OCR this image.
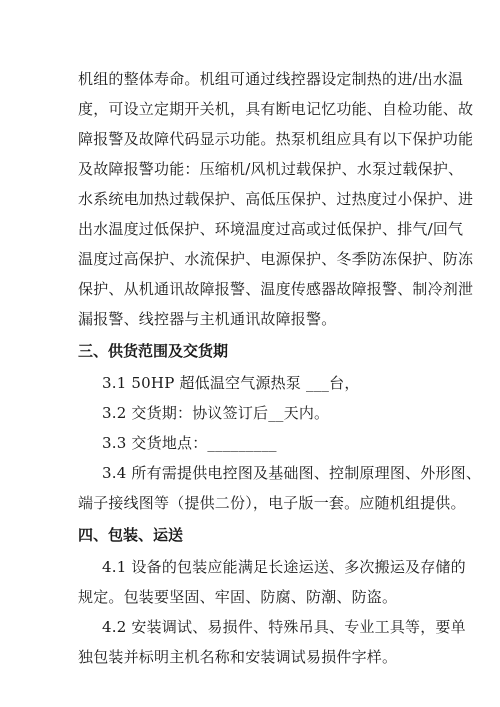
机组的整体寿命。机组可通过线控器设定制热的进/出水温
度，可设立定期开关机，具有断电记忆功能、自检功能、故
障报警及故障代码显示功能。热泵机组应具有以下保护功能
及故障报警功能：压缩机/风机过载保护、水泵过载保护、
水系统电加热过载保护、高低压保护、过热度过小保护、进
出水温度过低保护、环境温度过高或过低保护、排气/回气
温度过高保护、水流保护、电源保护、冬季防冻保护、防冻
保护、从机通讯故障报警、温度传感器故障报警、制冷剂泄
漏报警、线控器与主机通讯故障报警。
三、供货范围及交货期
3.1 50HP 超低温空气源热泵 ___台，
3.2 交货期：协议签订后__天内。
3.3 交货地点：_________
3.4 所有需提供电控图及基础图、控制原理图、外形图、
端子接线图等（提供二份），电子版一套。应随机组提供。
四、包装、运送
4.1 设备的包装应能满足长途运送、多次搬运及存储的
规定。包装要坚固、牢固、防腐、防潮、防盗。
4.2 安装调试、易损件、特殊吊具、专业工具等，要单
独包装并标明主机名称和安装调试易损件字样。
